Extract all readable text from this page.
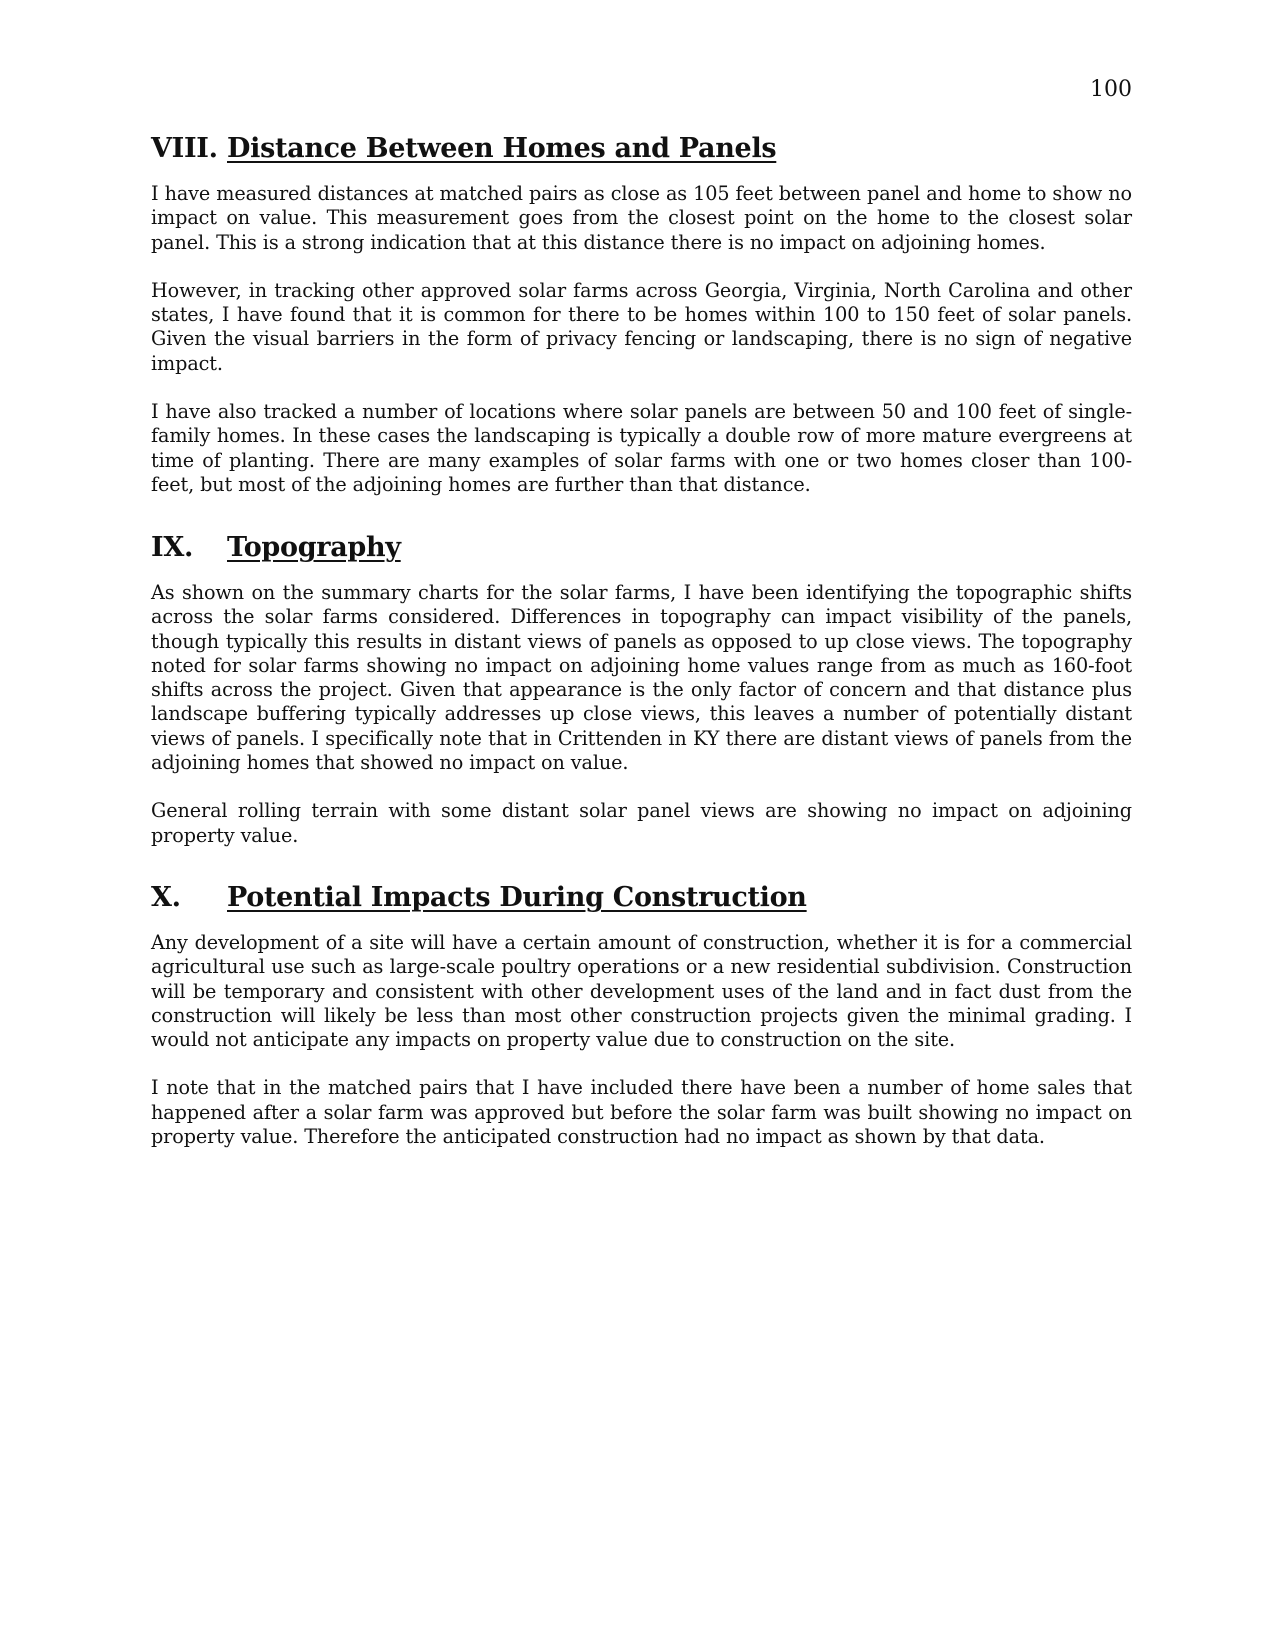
100
VIII. Distance Between Homes and Panels

I have measured distances at matched pairs as close as 105 feet between panel and home to show no impact on value. This measurement goes from the closest point on the home to the closest solar panel. This is a strong indication that at this distance there is no impact on adjoining homes.

However, in tracking other approved solar farms across Georgia, Virginia, North Carolina and other states, I have found that it is common for there to be homes within 100 to 150 feet of solar panels. Given the visual barriers in the form of privacy fencing or landscaping, there is no sign of negative impact.

I have also tracked a number of locations where solar panels are between 50 and 100 feet of single-family homes. In these cases the landscaping is typically a double row of more mature evergreens at time of planting. There are many examples of solar farms with one or two homes closer than 100-feet, but most of the adjoining homes are further than that distance.

IX.	Topography

As shown on the summary charts for the solar farms, I have been identifying the topographic shifts across the solar farms considered. Differences in topography can impact visibility of the panels, though typically this results in distant views of panels as opposed to up close views. The topography noted for solar farms showing no impact on adjoining home values range from as much as 160-foot shifts across the project. Given that appearance is the only factor of concern and that distance plus landscape buffering typically addresses up close views, this leaves a number of potentially distant views of panels. I specifically note that in Crittenden in KY there are distant views of panels from the adjoining homes that showed no impact on value.

General rolling terrain with some distant solar panel views are showing no impact on adjoining property value.

X.	Potential Impacts During Construction

Any development of a site will have a certain amount of construction, whether it is for a commercial agricultural use such as large-scale poultry operations or a new residential subdivision. Construction will be temporary and consistent with other development uses of the land and in fact dust from the construction will likely be less than most other construction projects given the minimal grading. I would not anticipate any impacts on property value due to construction on the site.

I note that in the matched pairs that I have included there have been a number of home sales that happened after a solar farm was approved but before the solar farm was built showing no impact on property value. Therefore the anticipated construction had no impact as shown by that data.
